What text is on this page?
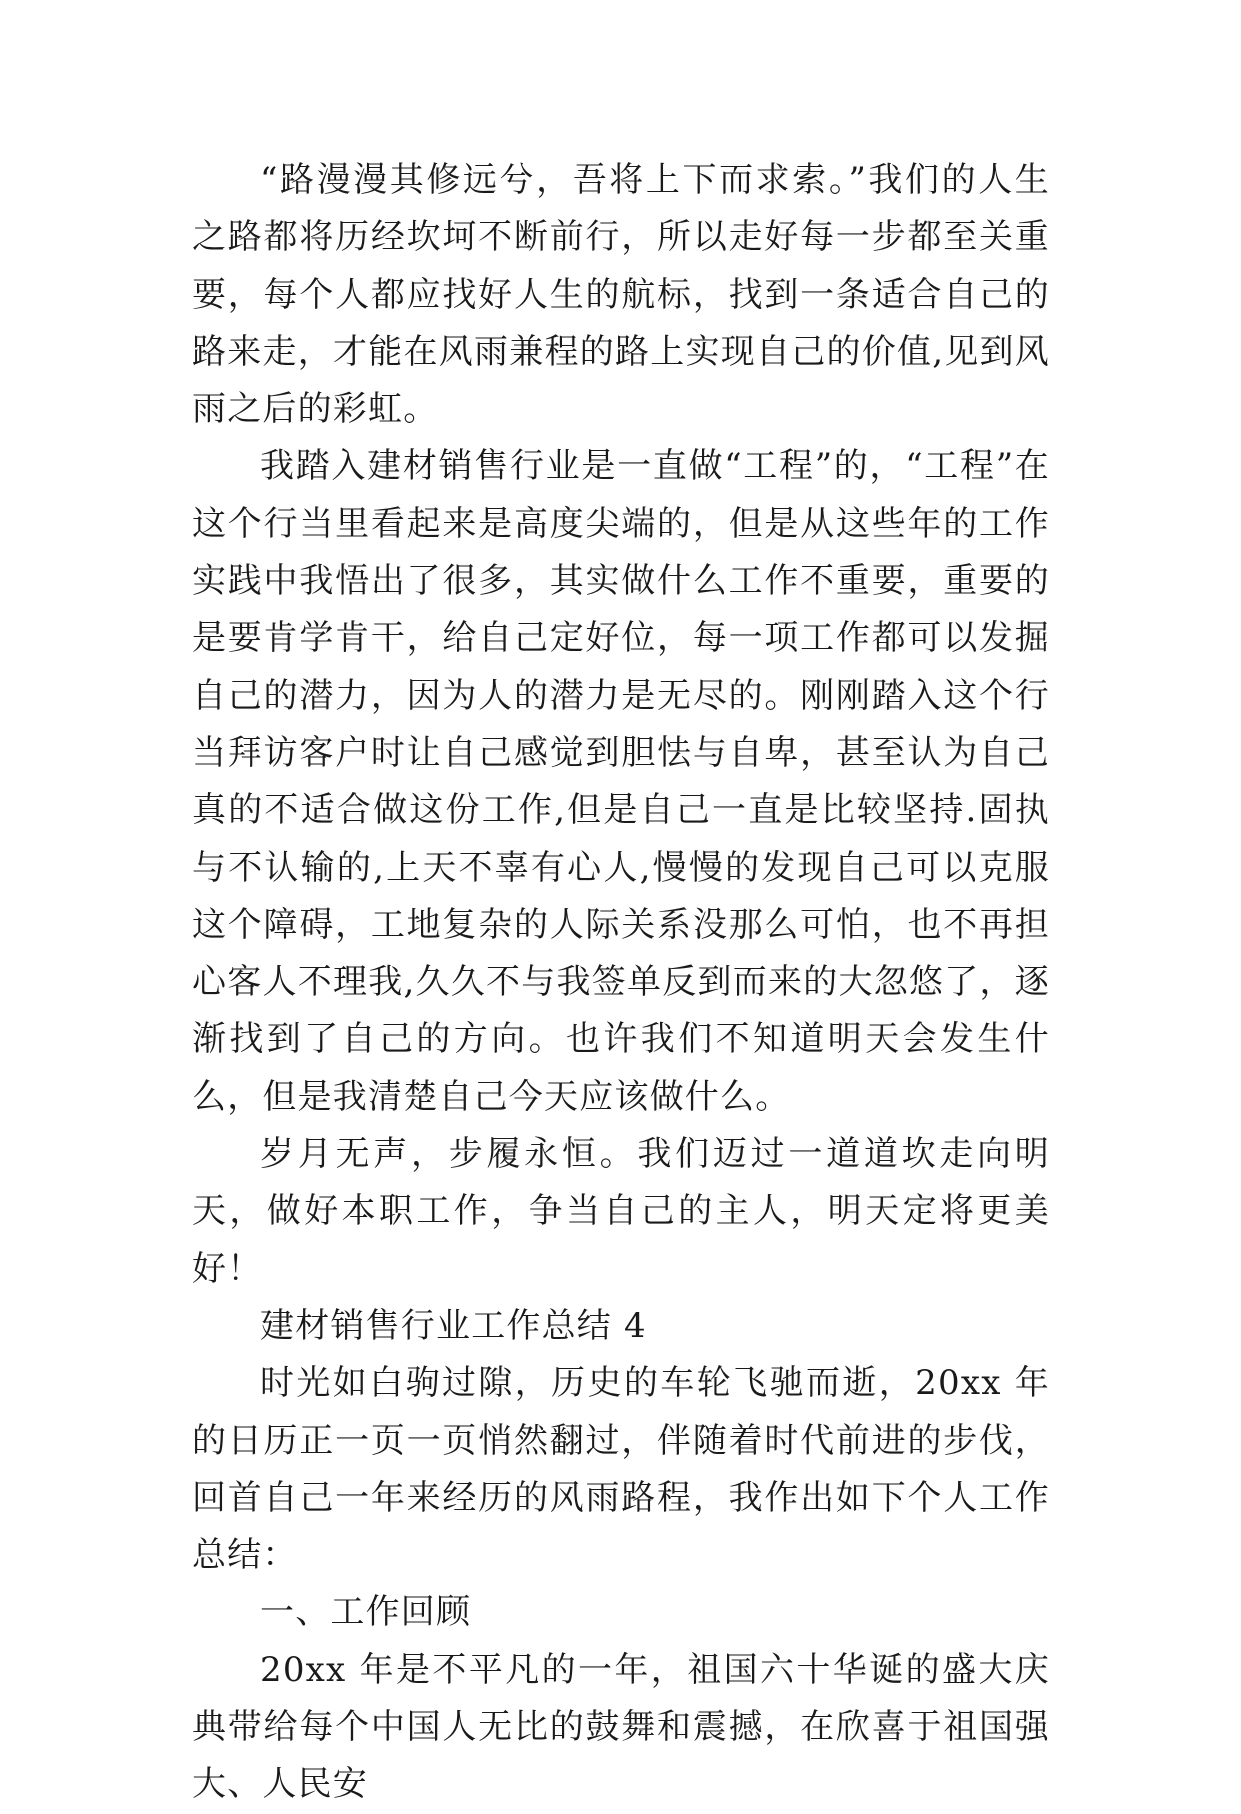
“路漫漫其修远兮，吾将上下而求索。”我们的人生之路都将历经坎坷不断前行，所以走好每一步都至关重要，每个人都应找好人生的航标，找到一条适合自己的路来走，才能在风雨兼程的路上实现自己的价值,见到风雨之后的彩虹。

我踏入建材销售行业是一直做“工程”的，“工程”在这个行当里看起来是高度尖端的，但是从这些年的工作实践中我悟出了很多，其实做什么工作不重要，重要的是要肯学肯干，给自己定好位，每一项工作都可以发掘自己的潜力，因为人的潜力是无尽的。刚刚踏入这个行当拜访客户时让自己感觉到胆怯与自卑，甚至认为自己真的不适合做这份工作,但是自己一直是比较坚持.固执与不认输的,上天不辜有心人,慢慢的发现自己可以克服这个障碍，工地复杂的人际关系没那么可怕，也不再担心客人不理我,久久不与我签单反到而来的大忽悠了，逐渐找到了自己的方向。也许我们不知道明天会发生什么，但是我清楚自己今天应该做什么。

岁月无声，步履永恒。我们迈过一道道坎走向明天，做好本职工作，争当自己的主人，明天定将更美好！

建材销售行业工作总结 4

时光如白驹过隙，历史的车轮飞驰而逝，20xx 年的日历正一页一页悄然翻过，伴随着时代前进的步伐，回首自己一年来经历的风雨路程，我作出如下个人工作总结：

一、工作回顾

20xx 年是不平凡的一年，祖国六十华诞的盛大庆典带给每个中国人无比的鼓舞和震撼，在欣喜于祖国强大、人民安
